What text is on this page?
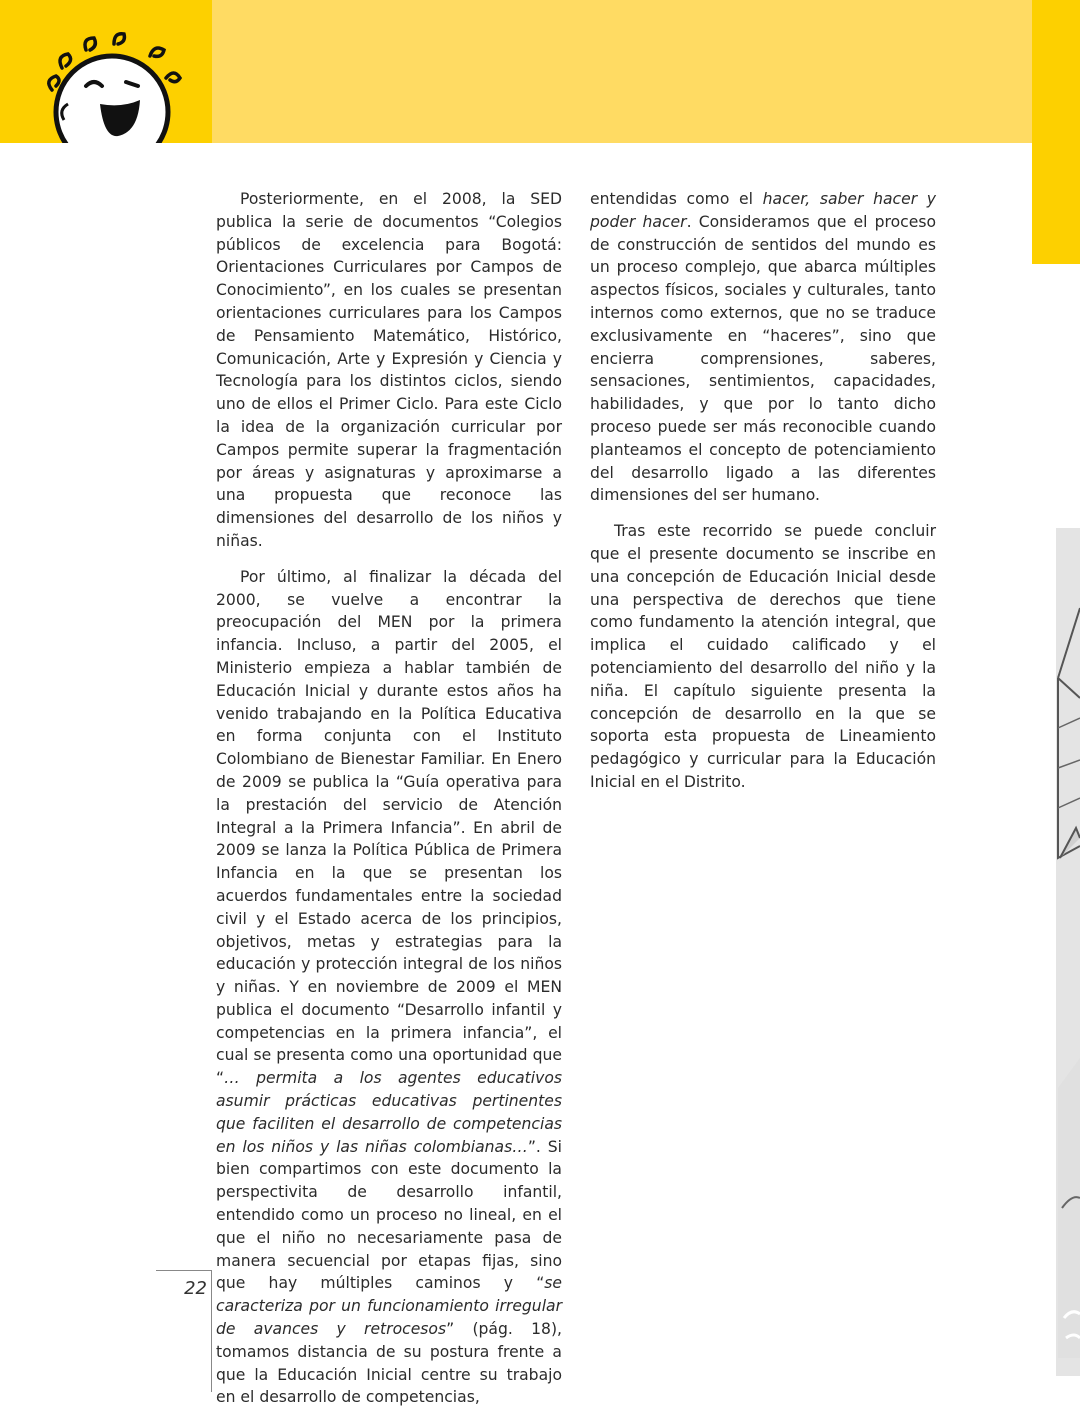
Posteriormente, en el 2008, la SED publica la serie de documentos “Colegios públicos de excelencia para Bogotá: Orientaciones Curriculares por Campos de Conocimiento”, en los cuales se presentan orientaciones curriculares para los Campos de Pensamiento Matemático, Histórico, Comunicación, Arte y Expresión y Ciencia y Tecnología para los distintos ciclos, siendo uno de ellos el Primer Ciclo. Para este Ciclo la idea de la organización curricular por Campos permite superar la fragmentación por áreas y asignaturas y aproximarse a una propuesta que reconoce las dimensiones del desarrollo de los niños y niñas.

Por último, al finalizar la década del 2000, se vuelve a encontrar la preocupación del MEN por la primera infancia. Incluso, a partir del 2005, el Ministerio empieza a hablar también de Educación Inicial y durante estos años ha venido trabajando en la Política Educativa en forma conjunta con el Instituto Colombiano de Bienestar Familiar. En Enero de 2009 se publica la “Guía operativa para la prestación del servicio de Atención Integral a la Primera Infancia”. En abril de 2009 se lanza la Política Pública de Primera Infancia en la que se presentan los acuerdos fundamentales entre la sociedad civil y el Estado acerca de los principios, objetivos, metas y estrategias para la educación y protección integral de los niños y niñas. Y en noviembre de 2009 el MEN publica el documento “Desarrollo infantil y competencias en la primera infancia”, el cual se presenta como una oportunidad que “… permita a los agentes educativos asumir prácticas educativas pertinentes que faciliten el desarrollo de competencias en los niños y las niñas colombianas…”. Si bien compartimos con este documento la perspectivita de desarrollo infantil, entendido como un proceso no lineal, en el que el niño no necesariamente pasa de manera secuencial por etapas fijas, sino que hay múltiples caminos y “se caracteriza por un funcionamiento irregular de avances y retrocesos” (pág. 18), tomamos distancia de su postura frente a que la Educación Inicial centre su trabajo en el desarrollo de competencias,

entendidas como el hacer, saber hacer y poder hacer. Consideramos que el proceso de construcción de sentidos del mundo es un proceso complejo, que abarca múltiples aspectos físicos, sociales y culturales, tanto internos como externos, que no se traduce exclusivamente en “haceres”, sino que encierra comprensiones, saberes, sensaciones, sentimientos, capacidades, habilidades, y que por lo tanto dicho proceso puede ser más reconocible cuando planteamos el concepto de potenciamiento del desarrollo ligado a las diferentes dimensiones del ser humano.

Tras este recorrido se puede concluir que el presente documento se inscribe en una concepción de Educación Inicial desde una perspectiva de derechos que tiene como fundamento la atención integral, que implica el cuidado calificado y el potenciamiento del desarrollo del niño y la niña. El capítulo siguiente presenta la concepción de desarrollo en la que se soporta esta propuesta de Lineamiento pedagógico y curricular para la Educación Inicial en el Distrito.

22
